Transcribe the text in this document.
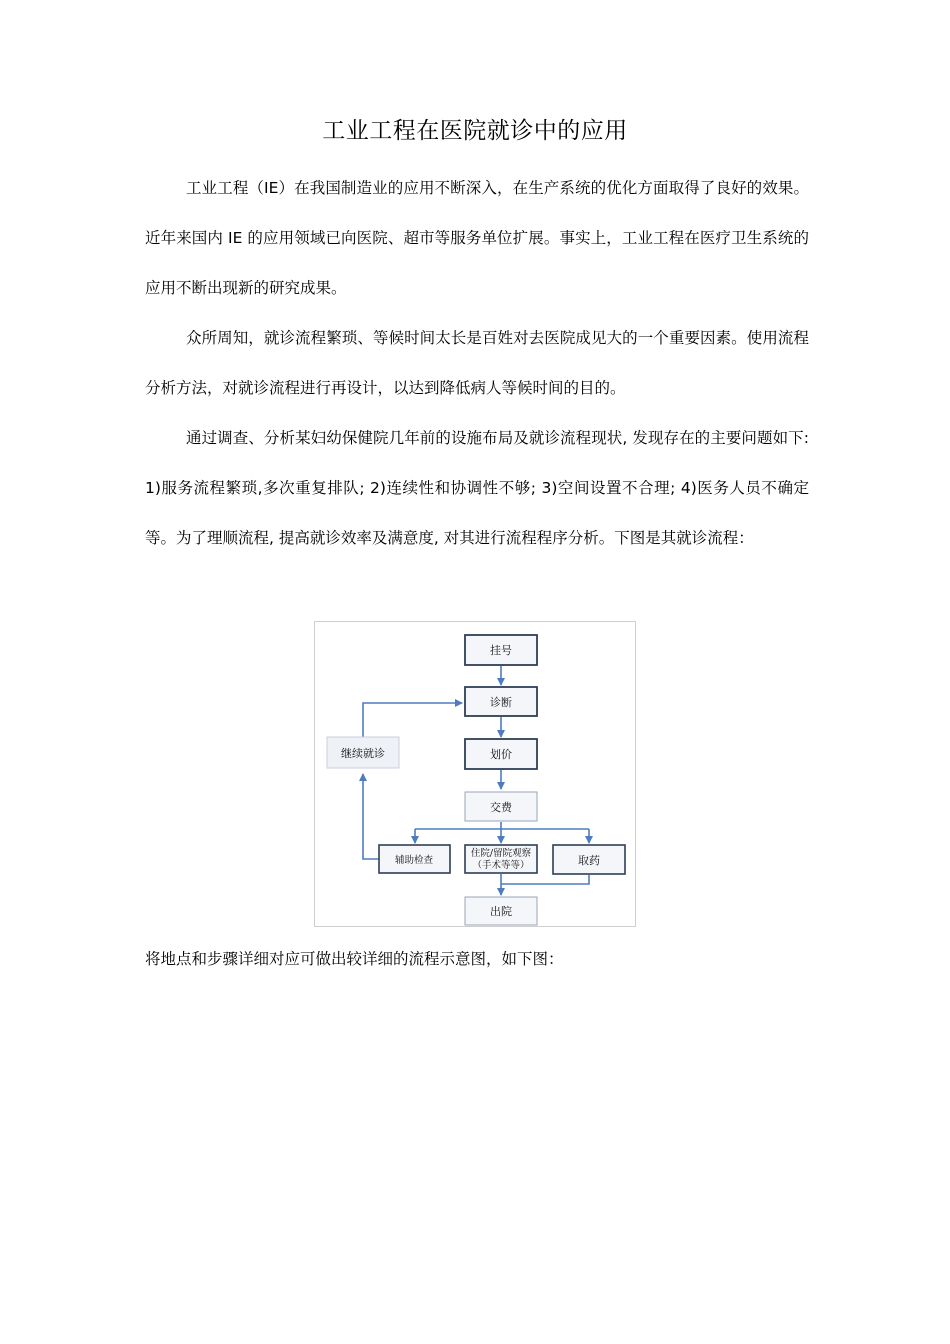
工业工程在医院就诊中的应用

工业工程（IE）在我国制造业的应用不断深入，在生产系统的优化方面取得了良好的效果。近年来国内 IE 的应用领域已向医院、超市等服务单位扩展。事实上，工业工程在医疗卫生系统的应用不断出现新的研究成果。

众所周知，就诊流程繁琐、等候时间太长是百姓对去医院成见大的一个重要因素。使用流程分析方法，对就诊流程进行再设计，以达到降低病人等候时间的目的。

通过调查、分析某妇幼保健院几年前的设施布局及就诊流程现状, 发现存在的主要问题如下: 1)服务流程繁琐,多次重复排队; 2)连续性和协调性不够; 3)空间设置不合理; 4)医务人员不确定等。为了理顺流程, 提高就诊效率及满意度, 对其进行流程程序分析。下图是其就诊流程：

挂号
诊断
划价
交费
继续就诊
辅助检查
住院/留院观察
（手术等等）	取药
出院

将地点和步骤详细对应可做出较详细的流程示意图，如下图：
